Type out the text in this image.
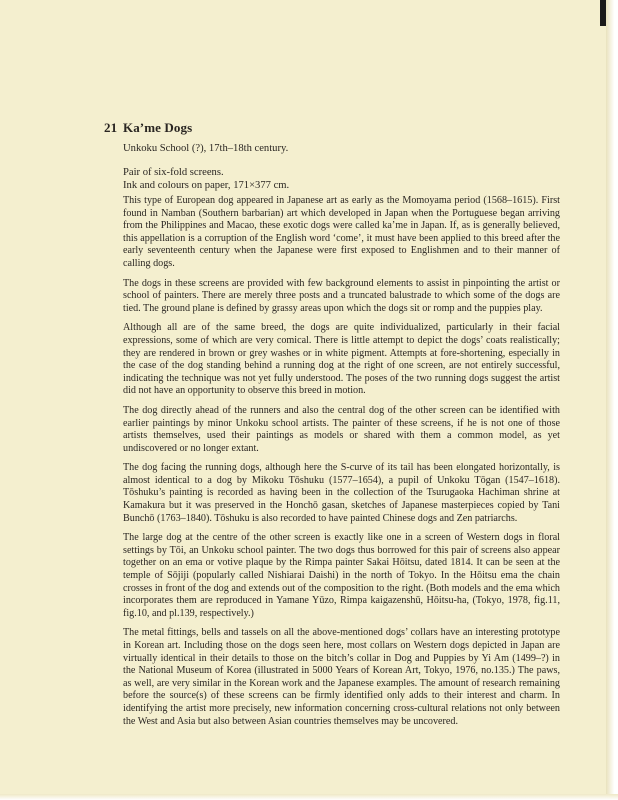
21 Ka’me Dogs
Unkoku School (?), 17th–18th century.
Pair of six-fold screens.
Ink and colours on paper, 171×377 cm.

This type of European dog appeared in Japanese art as early as the Momoyama period (1568–1615). First found in Namban (Southern barbarian) art which developed in Japan when the Portuguese began arriving from the Philippines and Macao, these exotic dogs were called ka’me in Japan. If, as is generally believed, this appellation is a corruption of the English word ‘come’, it must have been applied to this breed after the early seventeenth century when the Japanese were first exposed to Englishmen and to their manner of calling dogs.

The dogs in these screens are provided with few background elements to assist in pinpointing the artist or school of painters. There are merely three posts and a truncated balustrade to which some of the dogs are tied. The ground plane is defined by grassy areas upon which the dogs sit or romp and the puppies play.

Although all are of the same breed, the dogs are quite individualized, particularly in their facial expressions, some of which are very comical. There is little attempt to depict the dogs’ coats realistically; they are rendered in brown or grey washes or in white pigment. Attempts at fore-shortening, especially in the case of the dog standing behind a running dog at the right of one screen, are not entirely successful, indicating the technique was not yet fully understood. The poses of the two running dogs suggest the artist did not have an opportunity to observe this breed in motion.

The dog directly ahead of the runners and also the central dog of the other screen can be identified with earlier paintings by minor Unkoku school artists. The painter of these screens, if he is not one of those artists themselves, used their paintings as models or shared with them a common model, as yet undiscovered or no longer extant.

The dog facing the running dogs, although here the S-curve of its tail has been elongated horizontally, is almost identical to a dog by Mikoku Tōshuku (1577–1654), a pupil of Unkoku Tōgan (1547–1618). Tōshuku’s painting is recorded as having been in the collection of the Tsurugaoka Hachiman shrine at Kamakura but it was preserved in the Honchō gasan, sketches of Japanese masterpieces copied by Tani Bunchō (1763–1840). Tōshuku is also recorded to have painted Chinese dogs and Zen patriarchs.

The large dog at the centre of the other screen is exactly like one in a screen of Western dogs in floral settings by Tōi, an Unkoku school painter. The two dogs thus borrowed for this pair of screens also appear together on an ema or votive plaque by the Rimpa painter Sakai Hōitsu, dated 1814. It can be seen at the temple of Sōjiji (popularly called Nishiarai Daishi) in the north of Tokyo. In the Hōitsu ema the chain crosses in front of the dog and extends out of the composition to the right. (Both models and the ema which incorporates them are reproduced in Yamane Yūzo, Rimpa kaigazenshū, Hōitsu-ha, (Tokyo, 1978, fig.11, fig.10, and pl.139, respectively.)

The metal fittings, bells and tassels on all the above-mentioned dogs’ collars have an interesting prototype in Korean art. Including those on the dogs seen here, most collars on Western dogs depicted in Japan are virtually identical in their details to those on the bitch’s collar in Dog and Puppies by Yi Am (1499–?) in the National Museum of Korea (illustrated in 5000 Years of Korean Art, Tokyo, 1976, no.135.) The paws, as well, are very similar in the Korean work and the Japanese examples. The amount of research remaining before the source(s) of these screens can be firmly identified only adds to their interest and charm. In identifying the artist more precisely, new information concerning cross-cultural relations not only between the West and Asia but also between Asian countries themselves may be uncovered.
